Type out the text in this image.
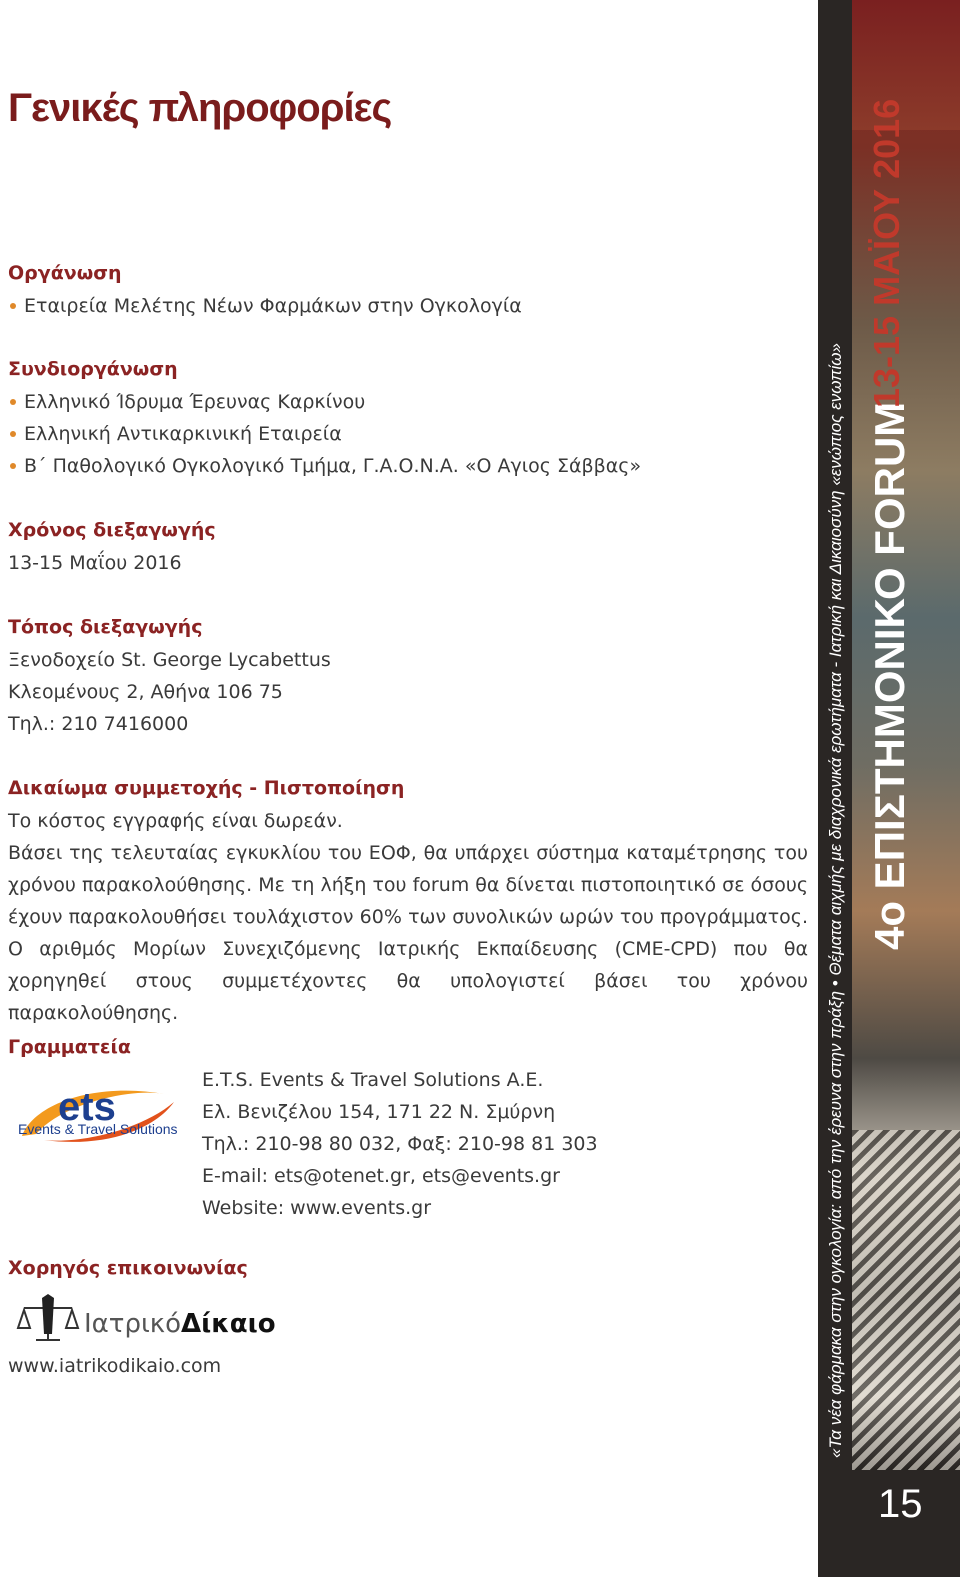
Γενικές πληροφορίες
Οργάνωση
Εταιρεία Μελέτης Νέων Φαρμάκων στην Ογκολογία
Συνδιοργάνωση
Ελληνικό Ίδρυμα Έρευνας Καρκίνου
Ελληνική Αντικαρκινική Εταιρεία
Β΄ Παθολογικό Ογκολογικό Τμήμα, Γ.Α.Ο.Ν.Α. «Ο Αγιος Σάββας»
Χρόνος διεξαγωγής
13-15 Μαΐου 2016
Τόπος διεξαγωγής
Ξενοδοχείο St. George Lycabettus
Κλεομένους 2, Αθήνα 106 75
Τηλ.: 210 7416000
Δικαίωμα συμμετοχής - Πιστοποίηση
Το κόστος εγγραφής είναι δωρεάν.
Βάσει της τελευταίας εγκυκλίου του ΕΟΦ, θα υπάρχει σύστημα καταμέτρησης του χρόνου παρακολούθησης. Με τη λήξη του forum θα δίνεται πιστοποιητικό σε όσους έχουν παρακολουθήσει τουλάχιστον 60% των συνολικών ωρών του προγράμματος. Ο αριθμός Μορίων Συνεχιζόμενης Ιατρικής Εκπαίδευσης (CME-CPD) που θα χορηγηθεί στους συμμετέχοντες θα υπολογιστεί βάσει του χρόνου παρακολούθησης.
Γραμματεία
ets
Events & Travel Solutions
E.T.S. Events & Travel Solutions A.E.
Ελ. Βενιζέλου 154, 171 22 Ν. Σμύρνη
Τηλ.: 210-98 80 032, Φαξ: 210-98 81 303
E-mail: ets@otenet.gr, ets@events.gr
Website: www.events.gr
Χορηγός επικοινωνίας
ΙατρικόΔίκαιο
www.iatrikodikaio.com
15
«Τα νέα φάρμακα στην ογκολογία: από την έρευνα στην πράξη • Θέματα αιχμής με διαχρονικά ερωτήματα - Ιατρική και Δικαιοσύνη «ενώπιος ενωπίω» 4ο ΕΠΙΣΤΗΜΟΝΙΚΟ FORUM
13-15 ΜΑΪΟΥ 2016
